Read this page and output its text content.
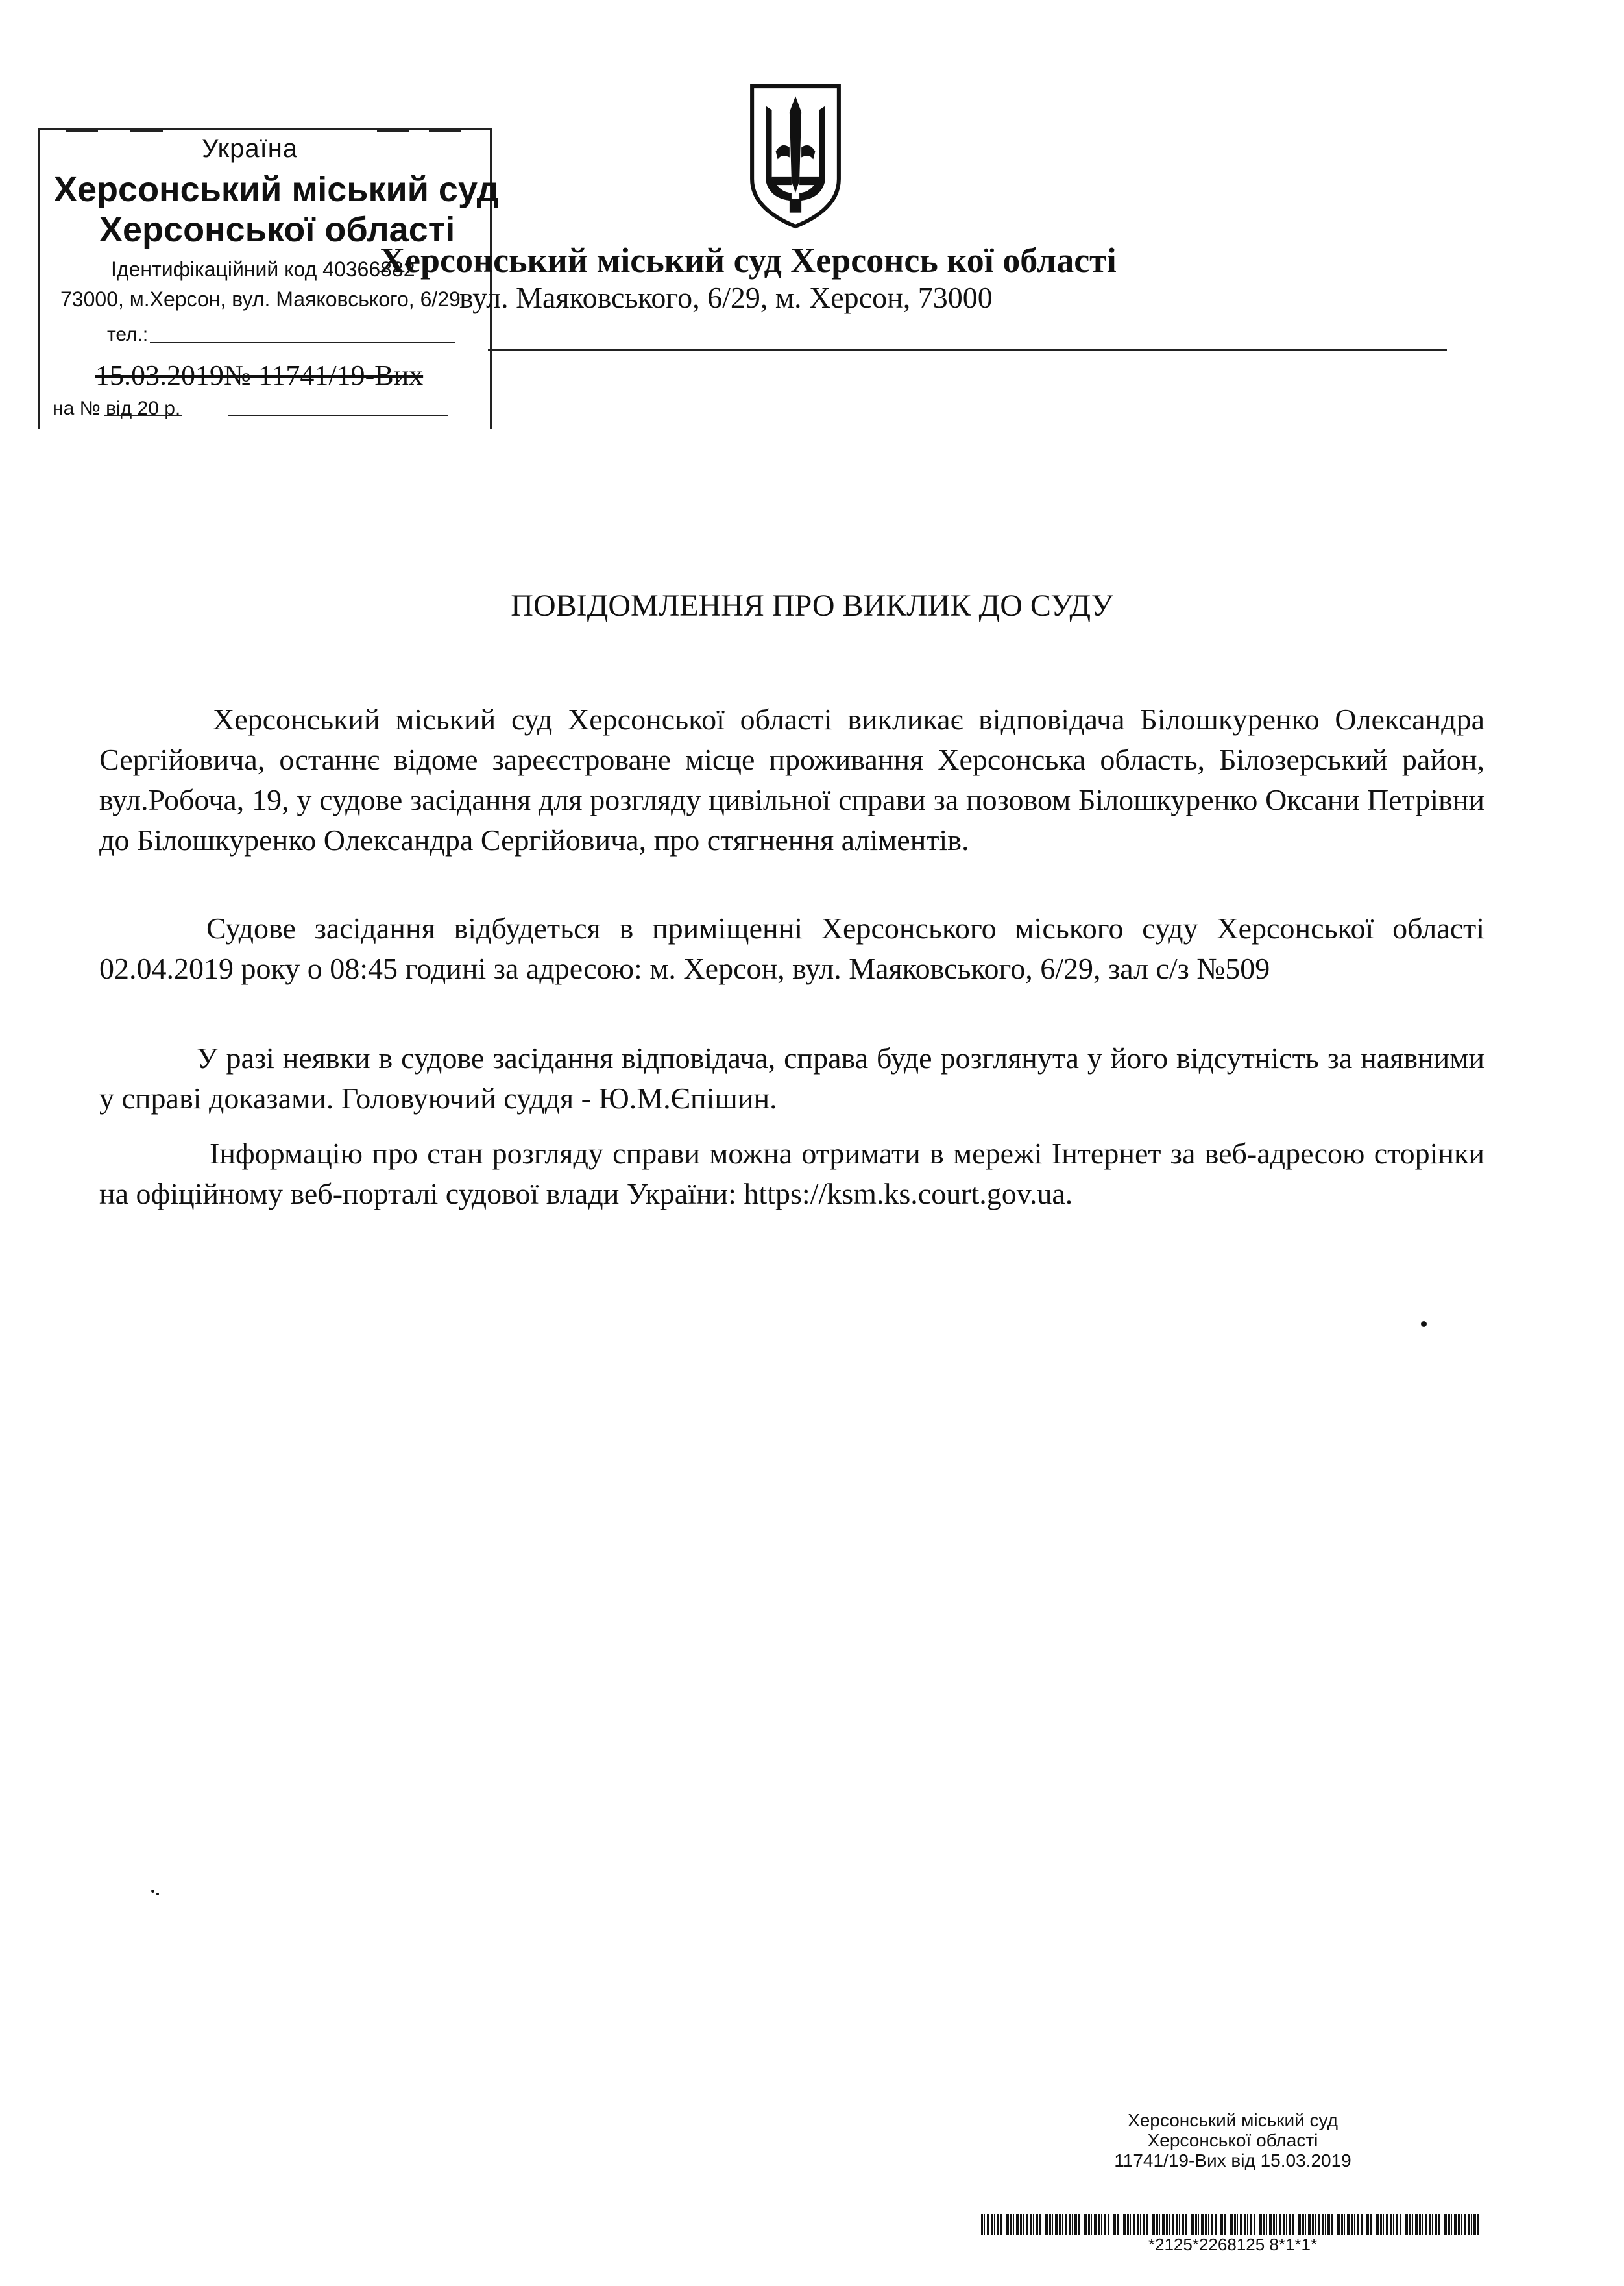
Україна
Херсонський міський суд
Херсонської області
Ідентифікаційний код 40366882
73000, м.Херсон, вул. Маяковського, 6/29
тел.:
15.03.2019№ 11741/19-Вих
на № від 20 р.
Херсонський міський суд Херсонсь кої області
вул. Маяковського, 6/29, м. Херсон, 73000
ПОВІДОМЛЕННЯ ПРО ВИКЛИК ДО СУДУ

Херсонський міський суд Херсонської області викликає відповідача Білошкуренко Олександра Сергійовича, останнє відоме зареєстроване місце проживання Херсонська область, Білозерський район, вул.Робоча, 19, у судове засідання для розгляду цивільної справи за позовом Білошкуренко Оксани Петрівни до Білошкуренко Олександра Сергійовича, про стягнення аліментів.

Судове засідання відбудеться в приміщенні Херсонського міського суду Херсонської області 02.04.2019 року о 08:45 годині за адресою: м. Херсон, вул. Маяковського, 6/29, зал с/з №509

У разі неявки в судове засідання відповідача, справа буде розглянута у його відсутність за наявними у справі доказами. Головуючий суддя - Ю.М.Єпішин.

Інформацію про стан розгляду справи можна отримати в мережі Інтернет за веб-адресою сторінки на офіційному веб-порталі судової влади України: https://ksm.ks.court.gov.ua.

Херсонський міський суд
Херсонської області
11741/19-Вих від 15.03.2019
*2125*2268125 8*1*1*
